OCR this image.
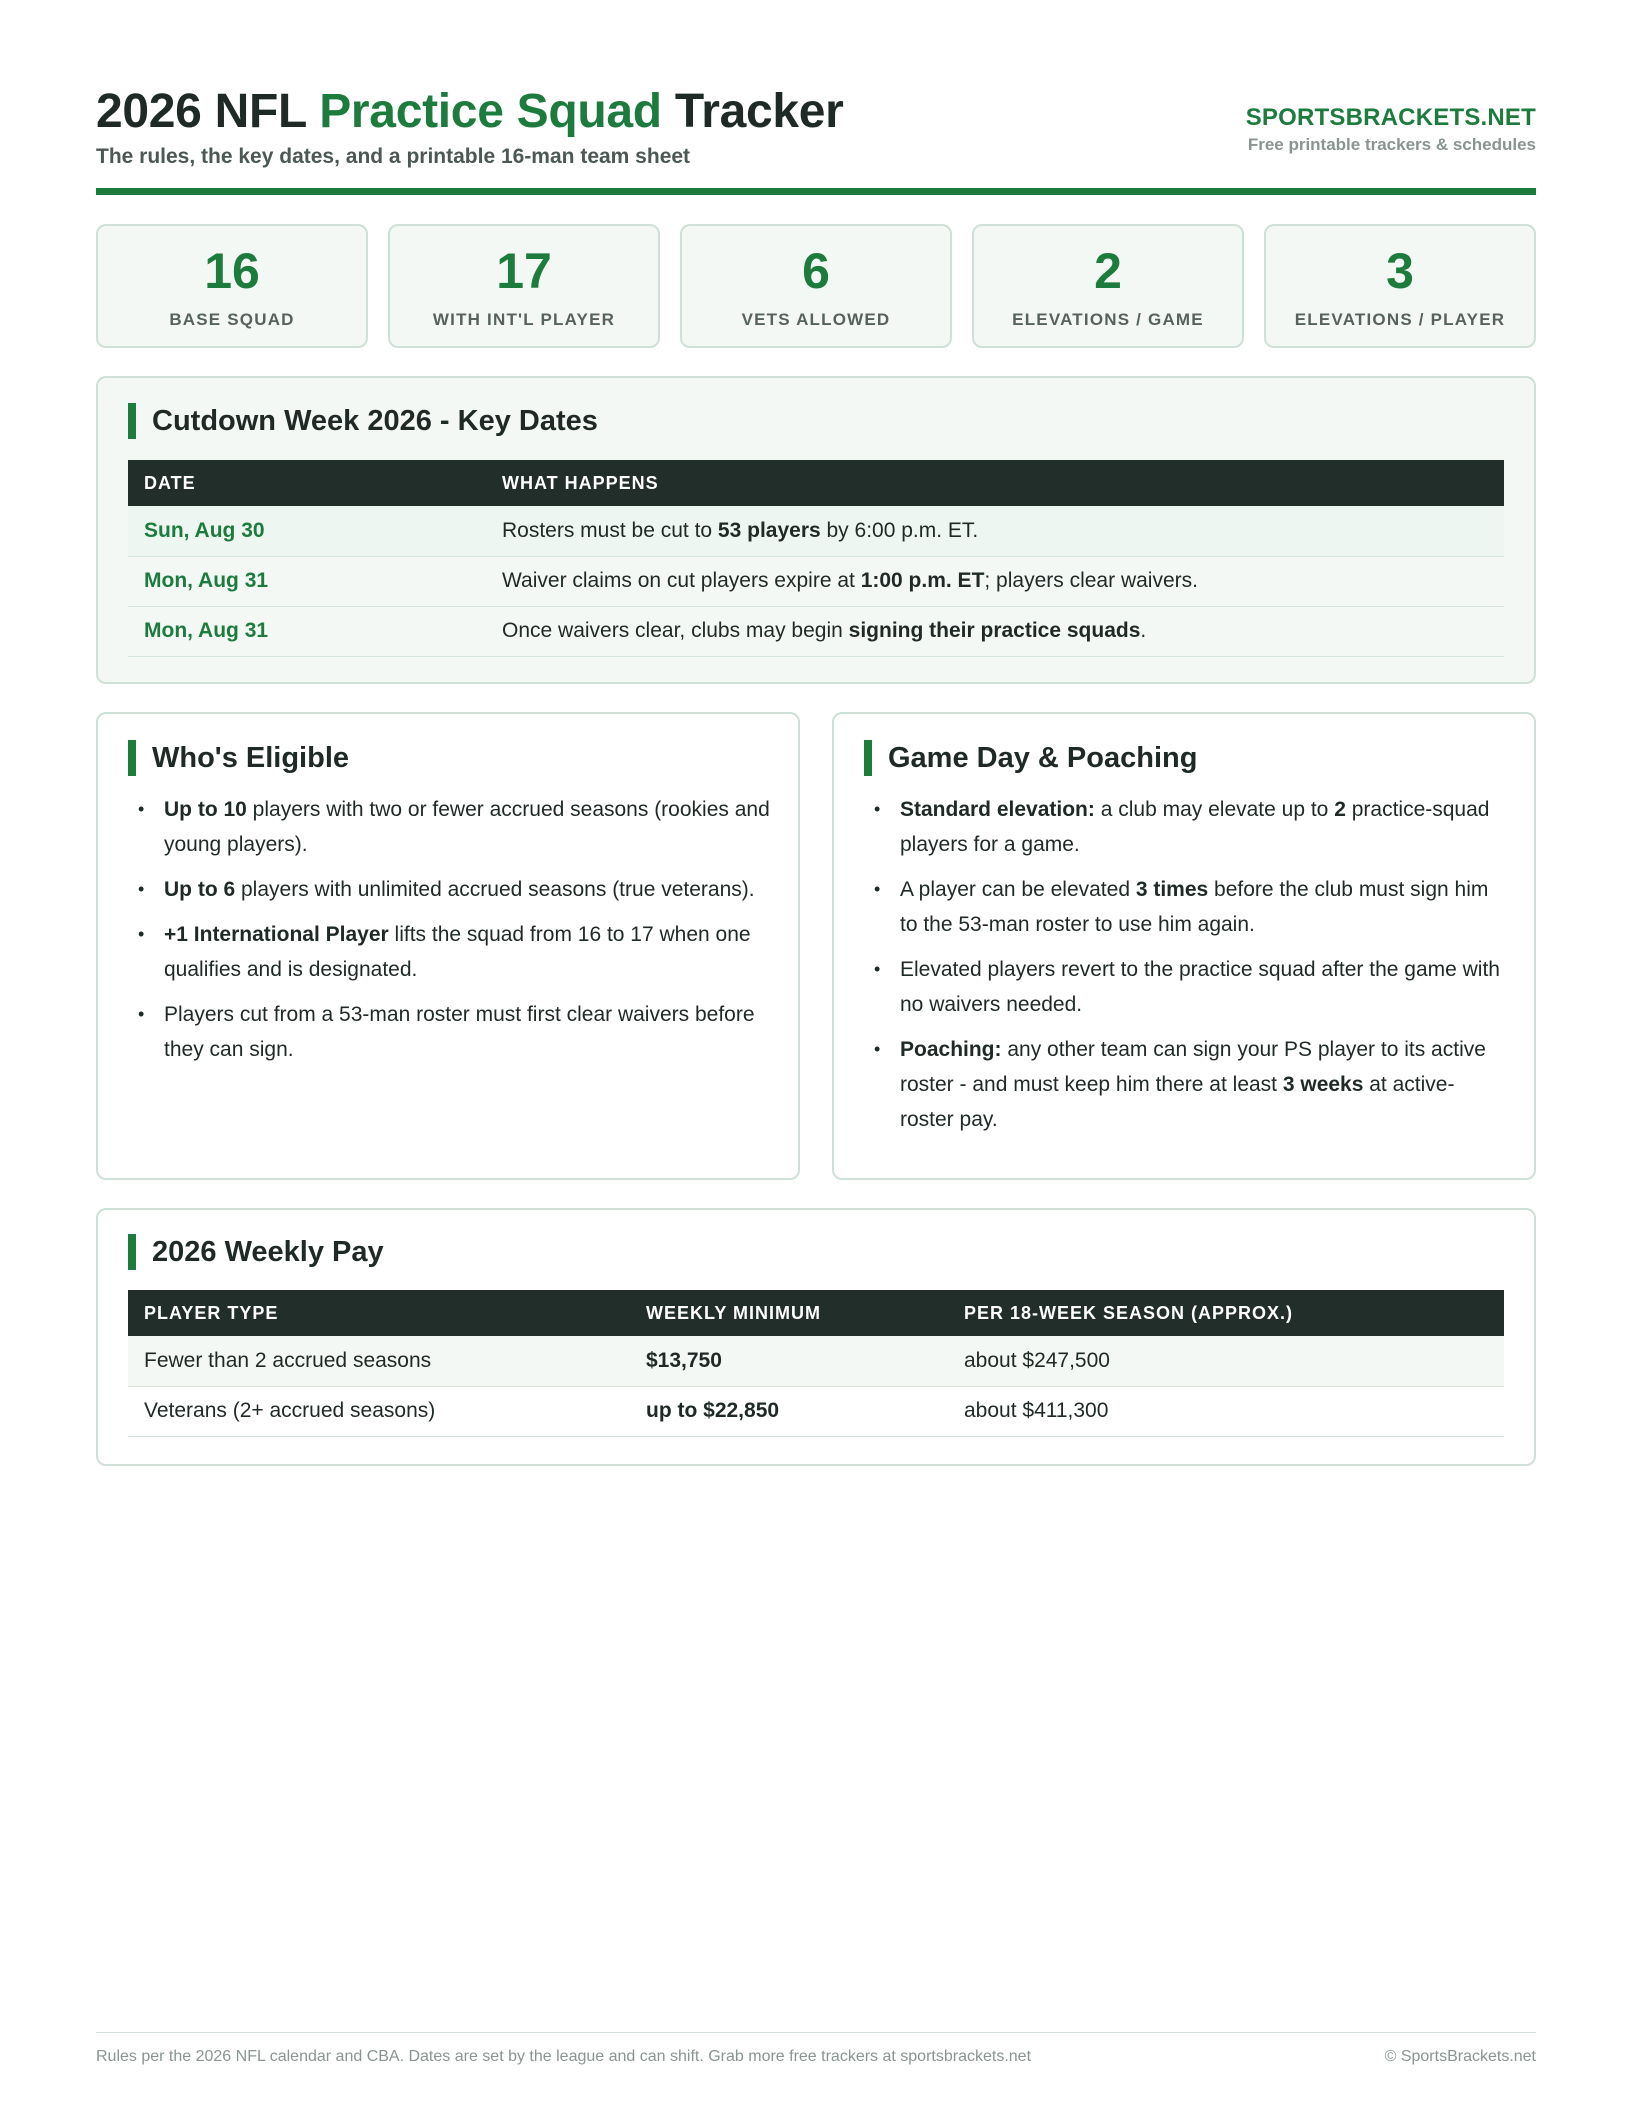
2026 NFL Practice Squad Tracker
The rules, the key dates, and a printable 16-man team sheet
SPORTSBRACKETS.NET
Free printable trackers & schedules
16
BASE SQUAD
17
WITH INT'L PLAYER
6
VETS ALLOWED
2
ELEVATIONS / GAME
3
ELEVATIONS / PLAYER
Cutdown Week 2026 - Key Dates
DATE	WHAT HAPPENS
Sun, Aug 30	Rosters must be cut to 53 players by 6:00 p.m. ET.
Mon, Aug 31	Waiver claims on cut players expire at 1:00 p.m. ET; players clear waivers.
Mon, Aug 31	Once waivers clear, clubs may begin signing their practice squads.
Who's Eligible
• Up to 10 players with two or fewer accrued seasons (rookies and young players).
• Up to 6 players with unlimited accrued seasons (true veterans).
• +1 International Player lifts the squad from 16 to 17 when one qualifies and is designated.
• Players cut from a 53-man roster must first clear waivers before they can sign.
Game Day & Poaching
• Standard elevation: a club may elevate up to 2 practice-squad players for a game.
• A player can be elevated 3 times before the club must sign him to the 53-man roster to use him again.
• Elevated players revert to the practice squad after the game with no waivers needed.
• Poaching: any other team can sign your PS player to its active roster - and must keep him there at least 3 weeks at active-roster pay.
2026 Weekly Pay
PLAYER TYPE	WEEKLY MINIMUM	PER 18-WEEK SEASON (APPROX.)
Fewer than 2 accrued seasons	$13,750	about $247,500
Veterans (2+ accrued seasons)	up to $22,850	about $411,300
Rules per the 2026 NFL calendar and CBA. Dates are set by the league and can shift. Grab more free trackers at sportsbrackets.net	© SportsBrackets.net
